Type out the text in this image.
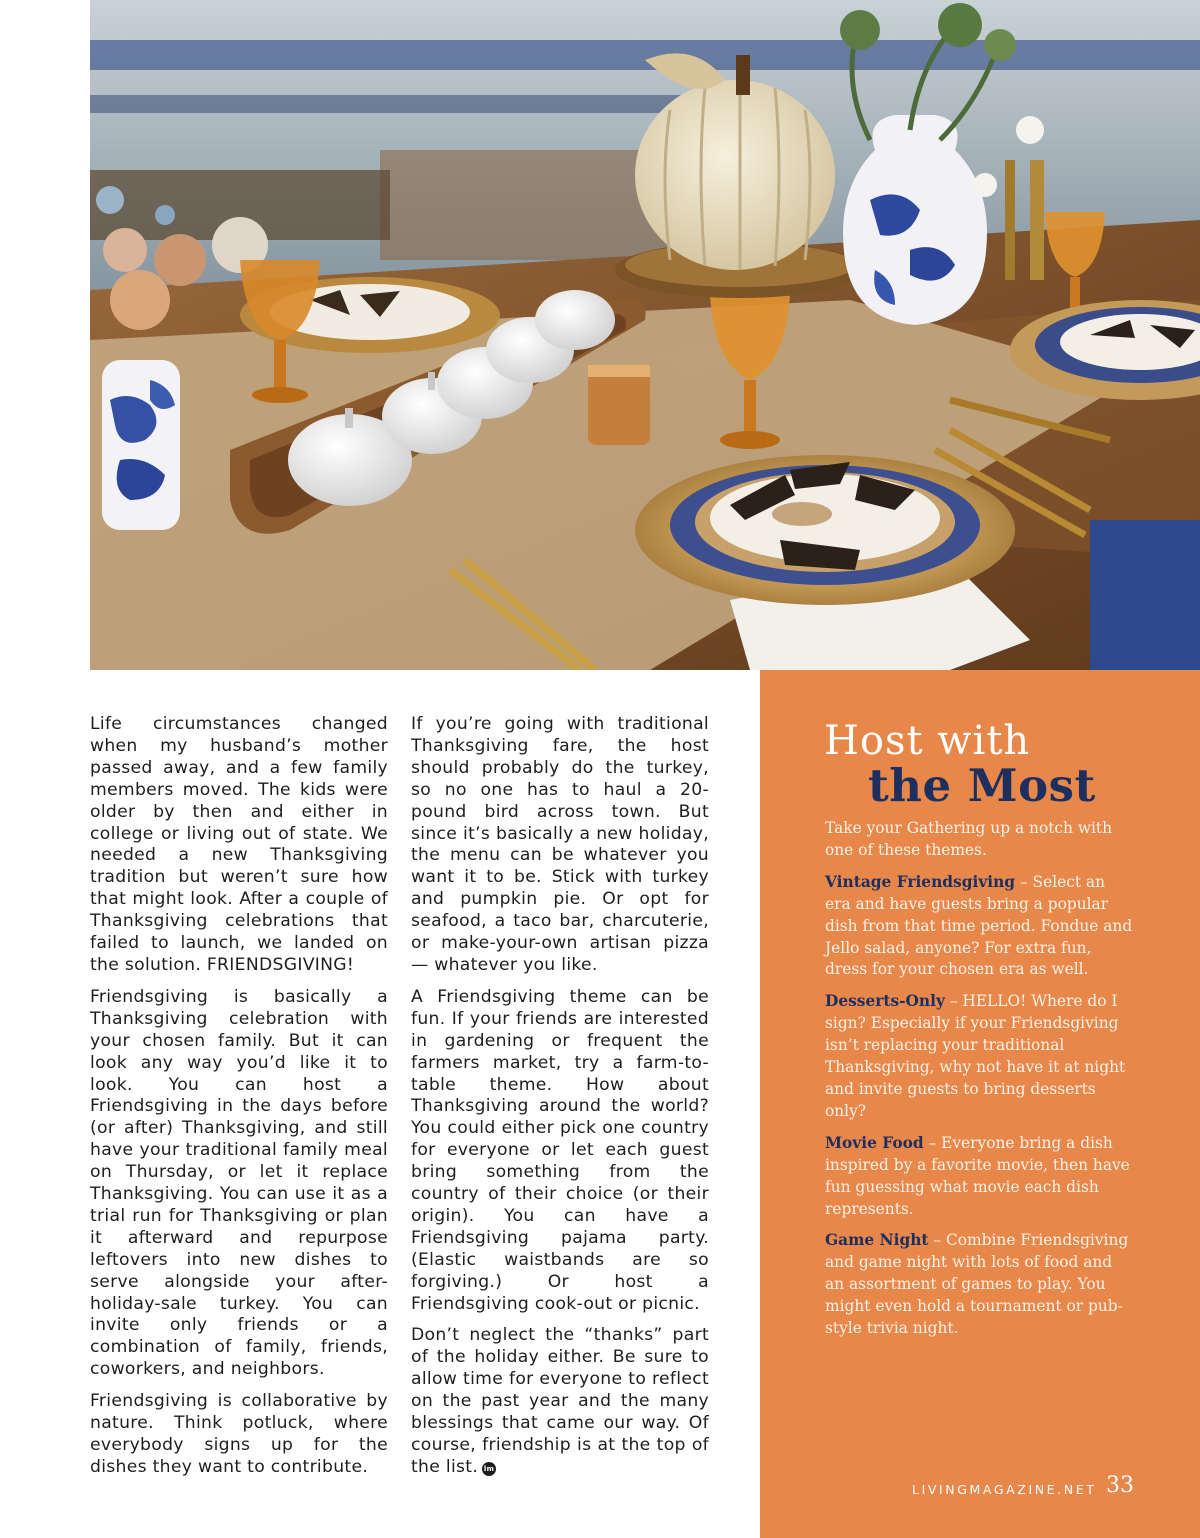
Life circumstances changed when my husband’s mother passed away, and a few family members moved. The kids were older by then and either in college or living out of state. We needed a new Thanksgiving tradition but weren’t sure how that might look. After a couple of Thanksgiving celebrations that failed to launch, we landed on the solution. FRIENDSGIVING!

Friendsgiving is basically a Thanksgiving celebration with your chosen family. But it can look any way you’d like it to look. You can host a Friendsgiving in the days before (or after) Thanksgiving, and still have your traditional family meal on Thursday, or let it replace Thanksgiving. You can use it as a trial run for Thanksgiving or plan it afterward and repurpose leftovers into new dishes to serve alongside your after-holiday-sale turkey. You can invite only friends or a combination of family, friends, coworkers, and neighbors.

Friendsgiving is collaborative by nature. Think potluck, where everybody signs up for the dishes they want to contribute.

If you’re going with traditional Thanksgiving fare, the host should probably do the turkey, so no one has to haul a 20-pound bird across town. But since it’s basically a new holiday, the menu can be whatever you want it to be. Stick with turkey and pumpkin pie. Or opt for seafood, a taco bar, charcuterie, or make-your-own artisan pizza — whatever you like.

A Friendsgiving theme can be fun. If your friends are interested in gardening or frequent the farmers market, try a farm-to-table theme. How about Thanksgiving around the world? You could either pick one country for everyone or let each guest bring something from the country of their choice (or their origin). You can have a Friendsgiving pajama party. (Elastic waistbands are so forgiving.) Or host a Friendsgiving cook-out or picnic.

Don’t neglect the “thanks” part of the holiday either. Be sure to allow time for everyone to reflect on the past year and the many blessings that came our way. Of course, friendship is at the top of the list. lm

Host with
the Most

Take your Gathering up a notch with one of these themes.

Vintage Friendsgiving – Select an era and have guests bring a popular dish from that time period. Fondue and Jello salad, anyone? For extra fun, dress for your chosen era as well.

Desserts-Only – HELLO! Where do I sign? Especially if your Friendsgiving isn’t replacing your traditional Thanksgiving, why not have it at night and invite guests to bring desserts only?

Movie Food – Everyone bring a dish inspired by a favorite movie, then have fun guessing what movie each dish represents.

Game Night – Combine Friendsgiving and game night with lots of food and an assortment of games to play. You might even hold a tournament or pub-style trivia night.

LIVINGMAGAZINE.NET 33
